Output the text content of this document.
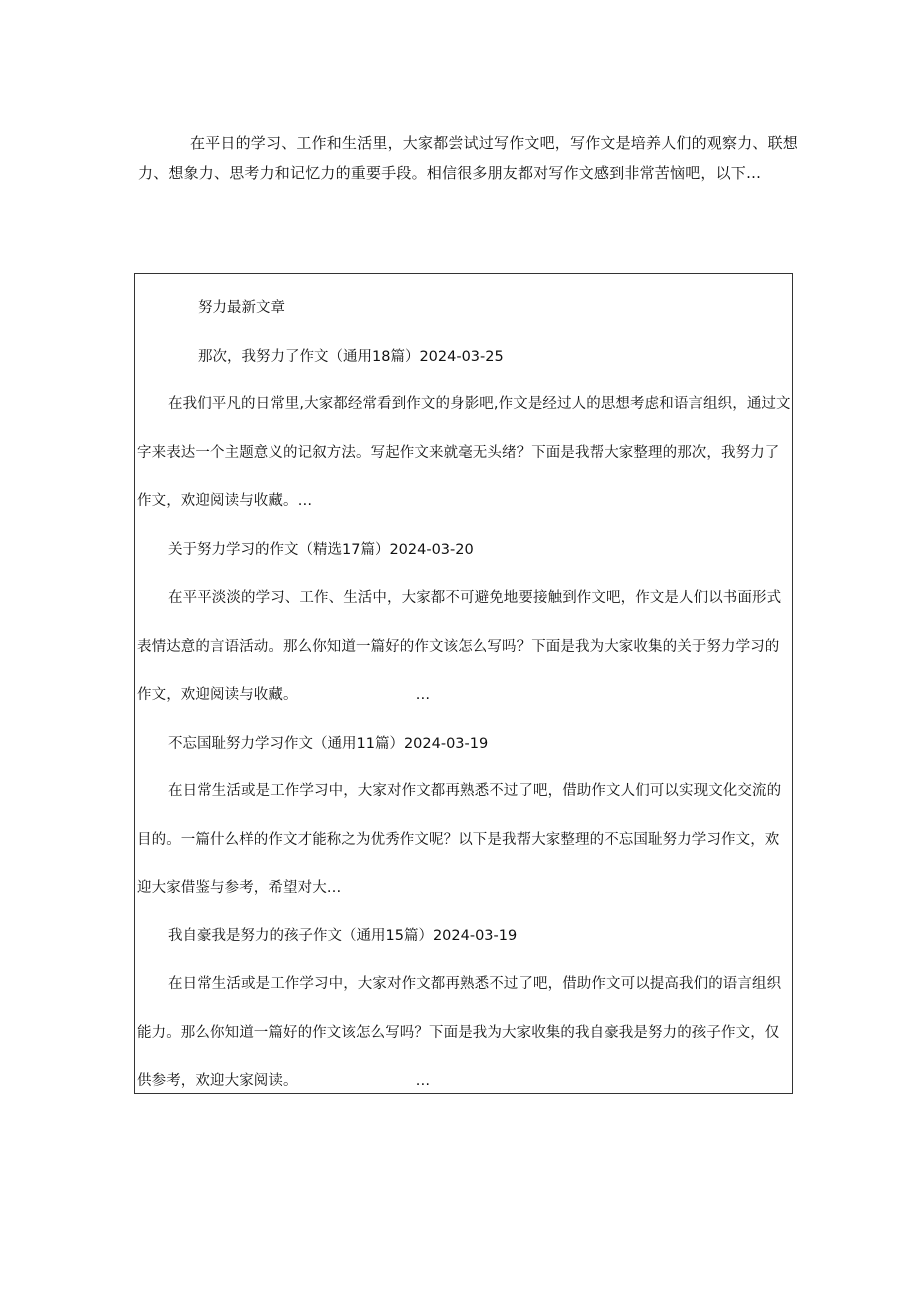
在平日的学习、工作和生活里，大家都尝试过写作文吧，写作文是培养人们的观察力、联想力、想象力、思考力和记忆力的重要手段。相信很多朋友都对写作文感到非常苦恼吧，以下…

努力最新文章

那次，我努力了作文（通用18篇）2024-03-25

在我们平凡的日常里,大家都经常看到作文的身影吧,作文是经过人的思想考虑和语言组织，通过文字来表达一个主题意义的记叙方法。写起作文来就毫无头绪？下面是我帮大家整理的那次，我努力了作文，欢迎阅读与收藏。…

关于努力学习的作文（精选17篇）2024-03-20

在平平淡淡的学习、工作、生活中，大家都不可避免地要接触到作文吧，作文是人们以书面形式表情达意的言语活动。那么你知道一篇好的作文该怎么写吗？下面是我为大家收集的关于努力学习的作文，欢迎阅读与收藏。	…

不忘国耻努力学习作文（通用11篇）2024-03-19

在日常生活或是工作学习中，大家对作文都再熟悉不过了吧，借助作文人们可以实现文化交流的目的。一篇什么样的作文才能称之为优秀作文呢？以下是我帮大家整理的不忘国耻努力学习作文，欢迎大家借鉴与参考，希望对大…

我自豪我是努力的孩子作文（通用15篇）2024-03-19

在日常生活或是工作学习中，大家对作文都再熟悉不过了吧，借助作文可以提高我们的语言组织能力。那么你知道一篇好的作文该怎么写吗？下面是我为大家收集的我自豪我是努力的孩子作文，仅供参考，欢迎大家阅读。	…
